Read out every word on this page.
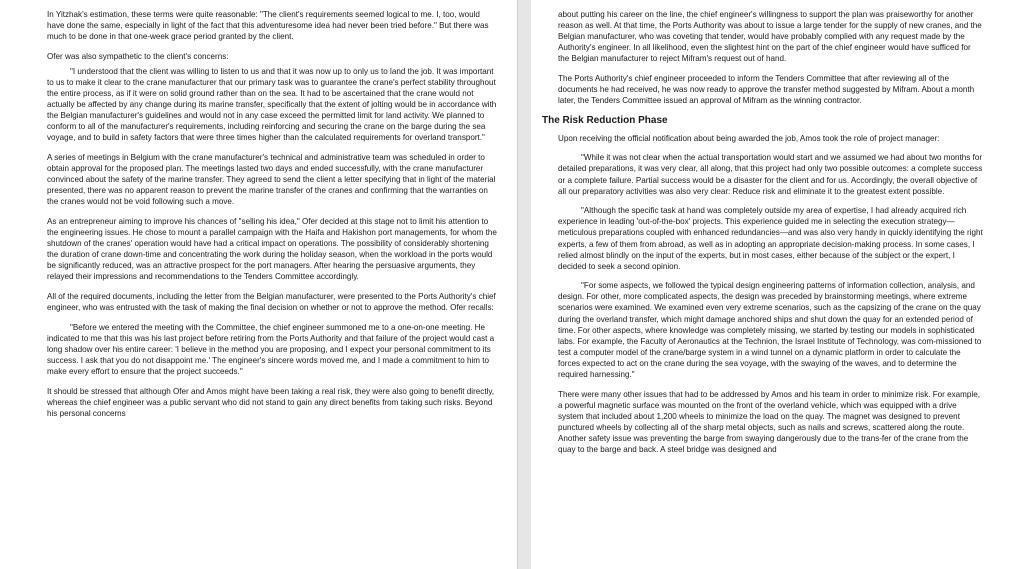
In Yitzhak's estimation, these terms were quite reasonable: "The client's requirements seemed logical to me. I, too, would have done the same, especially in light of the fact that this adventuresome idea had never been tried before." But there was much to be done in that one-week grace period granted by the client.

Ofer was also sympathetic to the client's concerns:

"I understood that the client was willing to listen to us and that it was now up to only us to land the job. It was important to us to make it clear to the crane manufacturer that our primary task was to guarantee the crane's perfect stability throughout the entire process, as if it were on solid ground rather than on the sea. It had to be ascertained that the crane would not actually be affected by any change during its marine transfer, specifically that the extent of jolting would be in accordance with the Belgian manufacturer's guidelines and would not in any case exceed the permitted limit for land activity. We planned to conform to all of the manufacturer's requirements, including reinforcing and securing the crane on the barge during the sea voyage, and to build in safety factors that were three times higher than the calculated requirements for overland transport."

A series of meetings in Belgium with the crane manufacturer's technical and administrative team was scheduled in order to obtain approval for the proposed plan. The meetings lasted two days and ended successfully, with the crane manufacturer convinced about the safety of the marine transfer. They agreed to send the client a letter specifying that in light of the material presented, there was no apparent reason to prevent the marine transfer of the cranes and confirming that the warranties on the cranes would not be void following such a move.

As an entrepreneur aiming to improve his chances of "selling his idea," Ofer decided at this stage not to limit his attention to the engineering issues. He chose to mount a parallel campaign with the Haifa and Hakishon port managements, for whom the shutdown of the cranes' operation would have had a critical impact on operations. The possibility of considerably shortening the duration of crane down-time and concentrating the work during the holiday season, when the workload in the ports would be significantly reduced, was an attractive prospect for the port managers. After hearing the persuasive arguments, they relayed their impressions and recommendations to the Tenders Committee accordingly.

All of the required documents, including the letter from the Belgian manufacturer, were presented to the Ports Authority's chief engineer, who was entrusted with the task of making the final decision on whether or not to approve the method. Ofer recalls:

"Before we entered the meeting with the Committee, the chief engineer summoned me to a one-on-one meeting. He indicated to me that this was his last project before retiring from the Ports Authority and that failure of the project would cast a long shadow over his entire career: 'I believe in the method you are proposing, and I expect your personal commitment to its success. I ask that you do not disappoint me.' The engineer's sincere words moved me, and I made a commitment to him to make every effort to ensure that the project succeeds."

It should be stressed that although Ofer and Amos might have been taking a real risk, they were also going to benefit directly, whereas the chief engineer was a public servant who did not stand to gain any direct benefits from taking such risks. Beyond his personal concerns

about putting his career on the line, the chief engineer's willingness to support the plan was praiseworthy for another reason as well. At that time, the Ports Authority was about to issue a large tender for the supply of new cranes, and the Belgian manufacturer, who was coveting that tender, would have probably complied with any request made by the Authority's engineer. In all likelihood, even the slightest hint on the part of the chief engineer would have sufficed for the Belgian manufacturer to reject Mifram's request out of hand.

The Ports Authority's chief engineer proceeded to inform the Tenders Committee that after reviewing all of the documents he had received, he was now ready to approve the transfer method suggested by Mifram. About a month later, the Tenders Committee issued an approval of Mifram as the winning contractor.

The Risk Reduction Phase

Upon receiving the official notification about being awarded the job, Amos took the role of project manager:

"While it was not clear when the actual transportation would start and we assumed we had about two months for detailed preparations, it was very clear, all along, that this project had only two possible outcomes: a complete success or a complete failure. Partial success would be a disaster for the client and for us. Accordingly, the overall objective of all our preparatory activities was also very clear: Reduce risk and eliminate it to the greatest extent possible.

"Although the specific task at hand was completely outside my area of expertise, I had already acquired rich experience in leading 'out-of-the-box' projects. This experience guided me in selecting the execution strategy—meticulous preparations coupled with enhanced redundancies—and was also very handy in quickly identifying the right experts, a few of them from abroad, as well as in adopting an appropriate decision-making process. In some cases, I relied almost blindly on the input of the experts, but in most cases, either because of the subject or the expert, I decided to seek a second opinion.

"For some aspects, we followed the typical design engineering patterns of information collection, analysis, and design. For other, more complicated aspects, the design was preceded by brainstorming meetings, where extreme scenarios were examined. We examined even very extreme scenarios, such as the capsizing of the crane on the quay during the overland transfer, which might damage anchored ships and shut down the quay for an extended period of time. For other aspects, where knowledge was completely missing, we started by testing our models in sophisticated labs. For example, the Faculty of Aeronautics at the Technion, the Israel Institute of Technology, was com-missioned to test a computer model of the crane/barge system in a wind tunnel on a dynamic platform in order to calculate the forces expected to act on the crane during the sea voyage, with the swaying of the waves, and to determine the required harnessing."

There were many other issues that had to be addressed by Amos and his team in order to minimize risk. For example, a powerful magnetic surface was mounted on the front of the overland vehicle, which was equipped with a drive system that included about 1,200 wheels to minimize the load on the quay. The magnet was designed to prevent punctured wheels by collecting all of the sharp metal objects, such as nails and screws, scattered along the route. Another safety issue was preventing the barge from swaying dangerously due to the trans-fer of the crane from the quay to the barge and back. A steel bridge was designed and
